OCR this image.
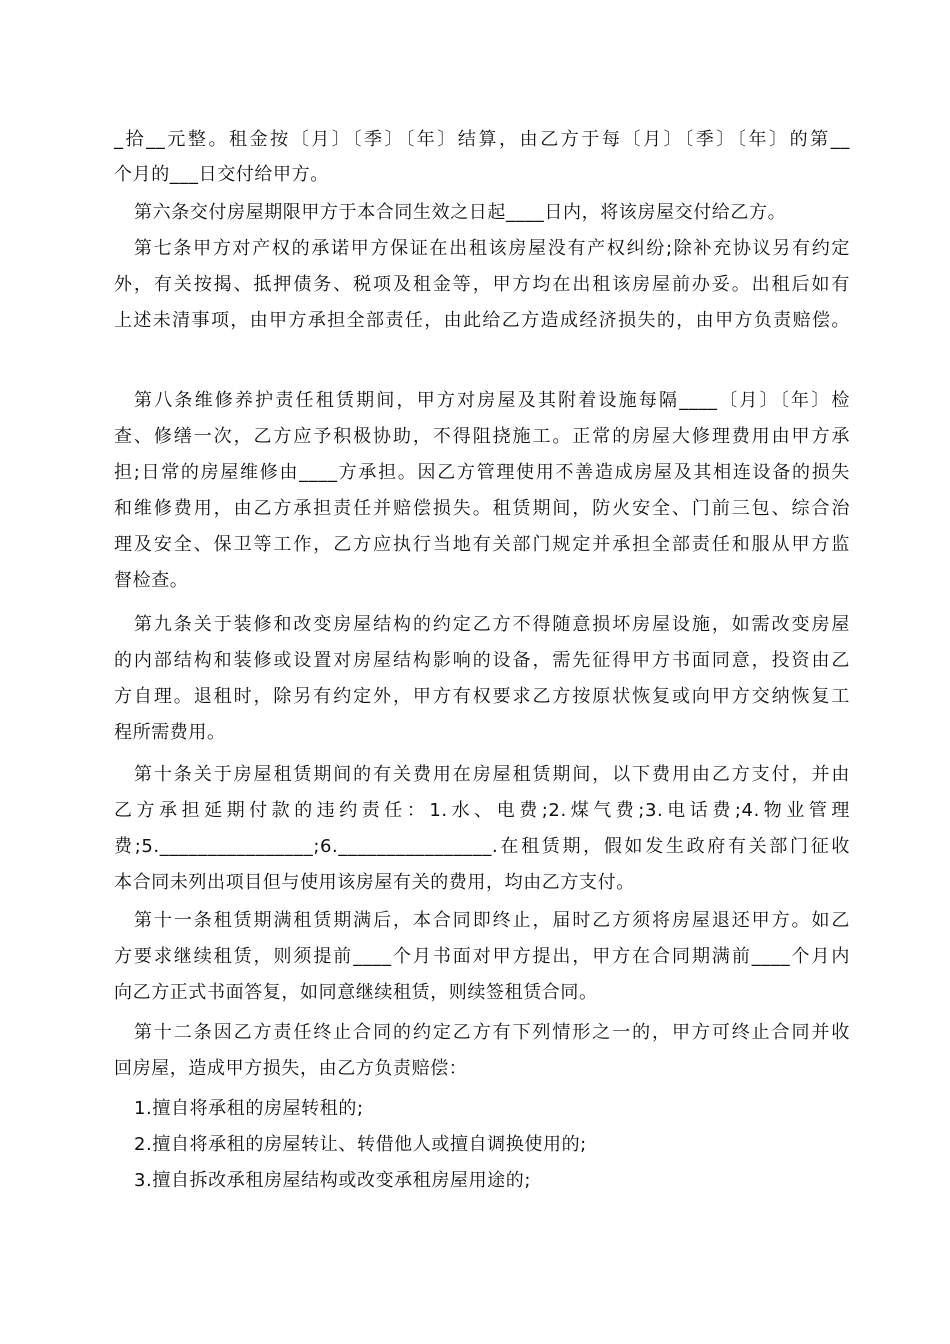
_拾__元整。租金按〔月〕〔季〕〔年〕结算，由乙方于每〔月〕〔季〕〔年〕的第__
个月的___日交付给甲方。
第六条交付房屋期限甲方于本合同生效之日起____日内，将该房屋交付给乙方。
第七条甲方对产权的承诺甲方保证在出租该房屋没有产权纠纷;除补充协议另有约定
外，有关按揭、抵押债务、税项及租金等，甲方均在出租该房屋前办妥。出租后如有
上述未清事项，由甲方承担全部责任，由此给乙方造成经济损失的，由甲方负责赔偿。
第八条维修养护责任租赁期间，甲方对房屋及其附着设施每隔____〔月〕〔年〕检
查、修缮一次，乙方应予积极协助，不得阻挠施工。正常的房屋大修理费用由甲方承
担;日常的房屋维修由____方承担。因乙方管理使用不善造成房屋及其相连设备的损失
和维修费用，由乙方承担责任并赔偿损失。租赁期间，防火安全、门前三包、综合治
理及安全、保卫等工作，乙方应执行当地有关部门规定并承担全部责任和服从甲方监
督检查。
第九条关于装修和改变房屋结构的约定乙方不得随意损坏房屋设施，如需改变房屋
的内部结构和装修或设置对房屋结构影响的设备，需先征得甲方书面同意，投资由乙
方自理。退租时，除另有约定外，甲方有权要求乙方按原状恢复或向甲方交纳恢复工
程所需费用。
第十条关于房屋租赁期间的有关费用在房屋租赁期间，以下费用由乙方支付，并由
乙方承担延期付款的违约责任：1.水、电费;2.煤气费;3.电话费;4.物业管理
费;5.________________;6.________________.在租赁期，假如发生政府有关部门征收
本合同未列出项目但与使用该房屋有关的费用，均由乙方支付。
第十一条租赁期满租赁期满后，本合同即终止，届时乙方须将房屋退还甲方。如乙
方要求继续租赁，则须提前____个月书面对甲方提出，甲方在合同期满前____个月内
向乙方正式书面答复，如同意继续租赁，则续签租赁合同。
第十二条因乙方责任终止合同的约定乙方有下列情形之一的，甲方可终止合同并收
回房屋，造成甲方损失，由乙方负责赔偿：
1.擅自将承租的房屋转租的;
2.擅自将承租的房屋转让、转借他人或擅自调换使用的;
3.擅自拆改承租房屋结构或改变承租房屋用途的;
